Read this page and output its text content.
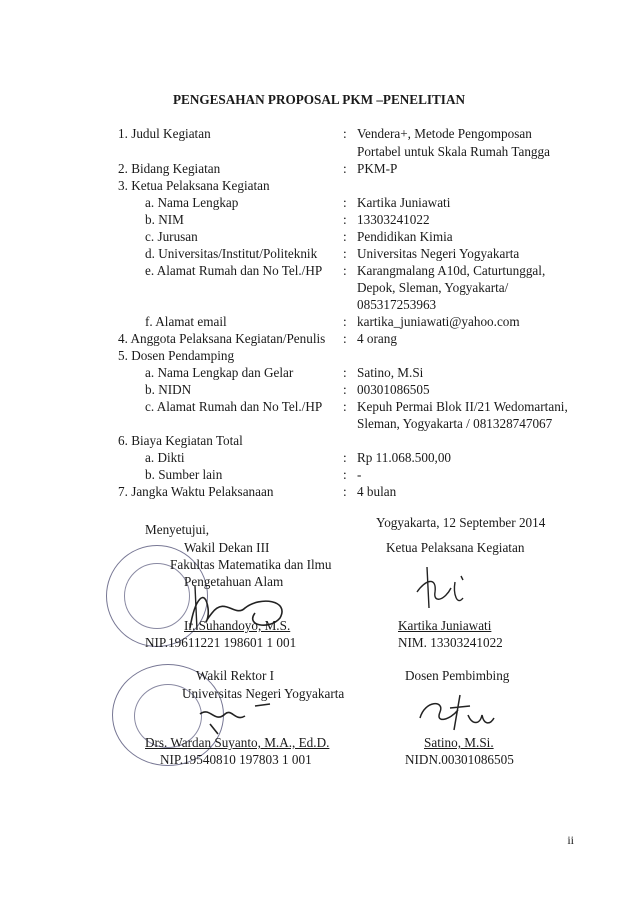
PENGESAHAN PROPOSAL PKM –PENELITIAN
1. Judul Kegiatan	: Vendera+, Metode Pengomposan
Portabel untuk Skala Rumah Tangga
2. Bidang Kegiatan	: PKM-P
3. Ketua Pelaksana Kegiatan
a. Nama Lengkap	: Kartika Juniawati
b. NIM	: 13303241022
c. Jurusan	: Pendidikan Kimia
d. Universitas/Institut/Politeknik : Universitas Negeri Yogyakarta
e. Alamat Rumah dan No Tel./HP : Karangmalang A10d, Caturtunggal,
Depok, Sleman, Yogyakarta/
085317253963
f. Alamat email	: kartika_juniawati@yahoo.com
4. Anggota Pelaksana Kegiatan/Penulis : 4 orang
5. Dosen Pendamping
a. Nama Lengkap dan Gelar	: Satino, M.Si
b. NIDN	: 00301086505
c. Alamat Rumah dan No Tel./HP : Kepuh Permai Blok II/21 Wedomartani,
Sleman, Yogyakarta / 081328747067
6. Biaya Kegiatan Total
a. Dikti	: Rp 11.068.500,00
b. Sumber lain	: -
7. Jangka Waktu Pelaksanaan	: 4 bulan
Yogyakarta, 12 September 2014
Menyetujui,
Wakil Dekan III
Fakultas Matematika dan Ilmu
Pengetahuan Alam
Ir. Suhandoyo, M.S.
NIP.19611221 198601 1 001
Wakil Rektor I
Universitas Negeri Yogyakarta
Drs. Wardan Suyanto, M.A., Ed.D.
NIP.19540810 197803 1 001
Ketua Pelaksana Kegiatan
Kartika Juniawati
NIM. 13303241022
Dosen Pembimbing
Satino, M.Si.
NIDN.00301086505
ii
